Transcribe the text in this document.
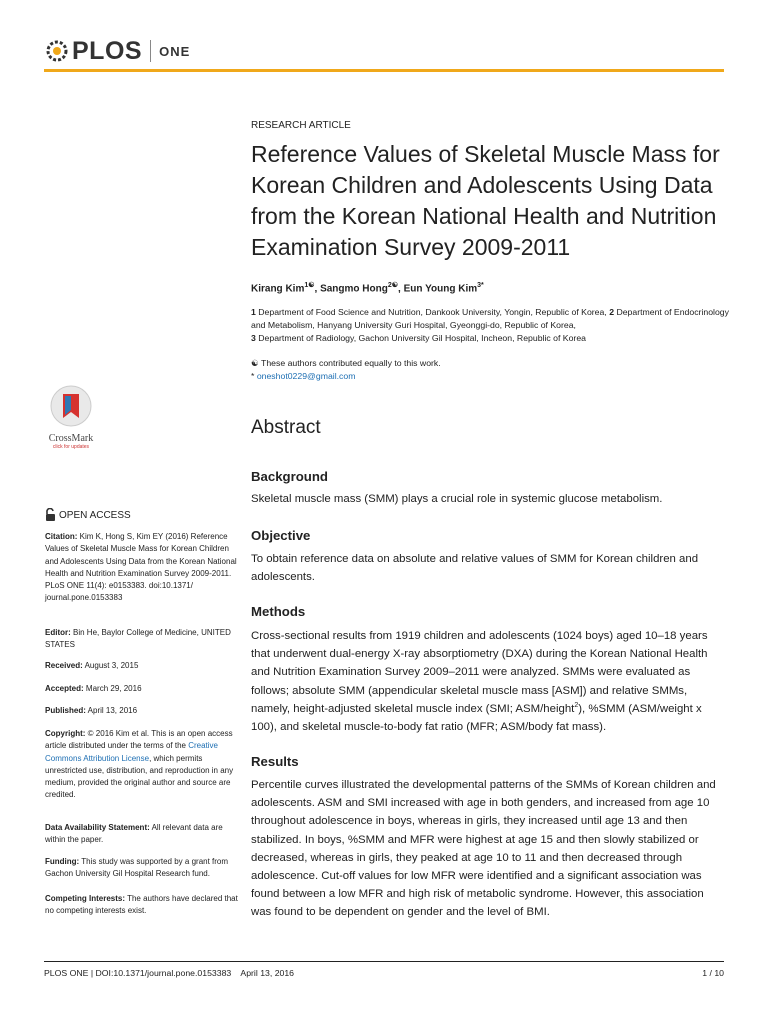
PLOS ONE
CrossMark
click for updates
OPEN ACCESS
Citation: Kim K, Hong S, Kim EY (2016) Reference Values of Skeletal Muscle Mass for Korean Children and Adolescents Using Data from the Korean National Health and Nutrition Examination Survey 2009-2011. PLoS ONE 11(4): e0153383. doi:10.1371/ journal.pone.0153383
Editor: Bin He, Baylor College of Medicine, UNITED STATES
Received: August 3, 2015
Accepted: March 29, 2016
Published: April 13, 2016
Copyright: © 2016 Kim et al. This is an open access article distributed under the terms of the Creative Commons Attribution License, which permits unrestricted use, distribution, and reproduction in any medium, provided the original author and source are credited.
Data Availability Statement: All relevant data are within the paper.
Funding: This study was supported by a grant from Gachon University Gil Hospital Research fund.
Competing Interests: The authors have declared that no competing interests exist.
RESEARCH ARTICLE
Reference Values of Skeletal Muscle Mass for Korean Children and Adolescents Using Data from the Korean National Health and Nutrition Examination Survey 2009-2011
Kirang Kim$^{1☯}$, Sangmo Hong$^{2☯}$, Eun Young Kim$^{3*}$
1 Department of Food Science and Nutrition, Dankook University, Yongin, Republic of Korea, 2 Department of Endocrinology and Metabolism, Hanyang University Guri Hospital, Gyeonggi-do, Republic of Korea,
3 Department of Radiology, Gachon University Gil Hospital, Incheon, Republic of Korea
☯ These authors contributed equally to this work.
* oneshot0229@gmail.com
Abstract
Background
Skeletal muscle mass (SMM) plays a crucial role in systemic glucose metabolism.
Objective
To obtain reference data on absolute and relative values of SMM for Korean children and adolescents.
Methods
Cross-sectional results from 1919 children and adolescents (1024 boys) aged 10–18 years that underwent dual-energy X-ray absorptiometry (DXA) during the Korean National Health and Nutrition Examination Survey 2009–2011 were analyzed. SMMs were evaluated as follows; absolute SMM (appendicular skeletal muscle mass [ASM]) and relative SMMs, namely, height-adjusted skeletal muscle index (SMI; ASM/height$^2$), %SMM (ASM/weight x 100), and skeletal muscle-to-body fat ratio (MFR; ASM/body fat mass).
Results
Percentile curves illustrated the developmental patterns of the SMMs of Korean children and adolescents. ASM and SMI increased with age in both genders, and increased from age 10 throughout adolescence in boys, whereas in girls, they increased until age 13 and then stabilized. In boys, %SMM and MFR were highest at age 15 and then slowly stabilized or decreased, whereas in girls, they peaked at age 10 to 11 and then decreased through adolescence. Cut-off values for low MFR were identified and a significant association was found between a low MFR and high risk of metabolic syndrome. However, this association was found to be dependent on gender and the level of BMI.
PLOS ONE | DOI:10.1371/journal.pone.0153383    April 13, 2016	1 / 10
